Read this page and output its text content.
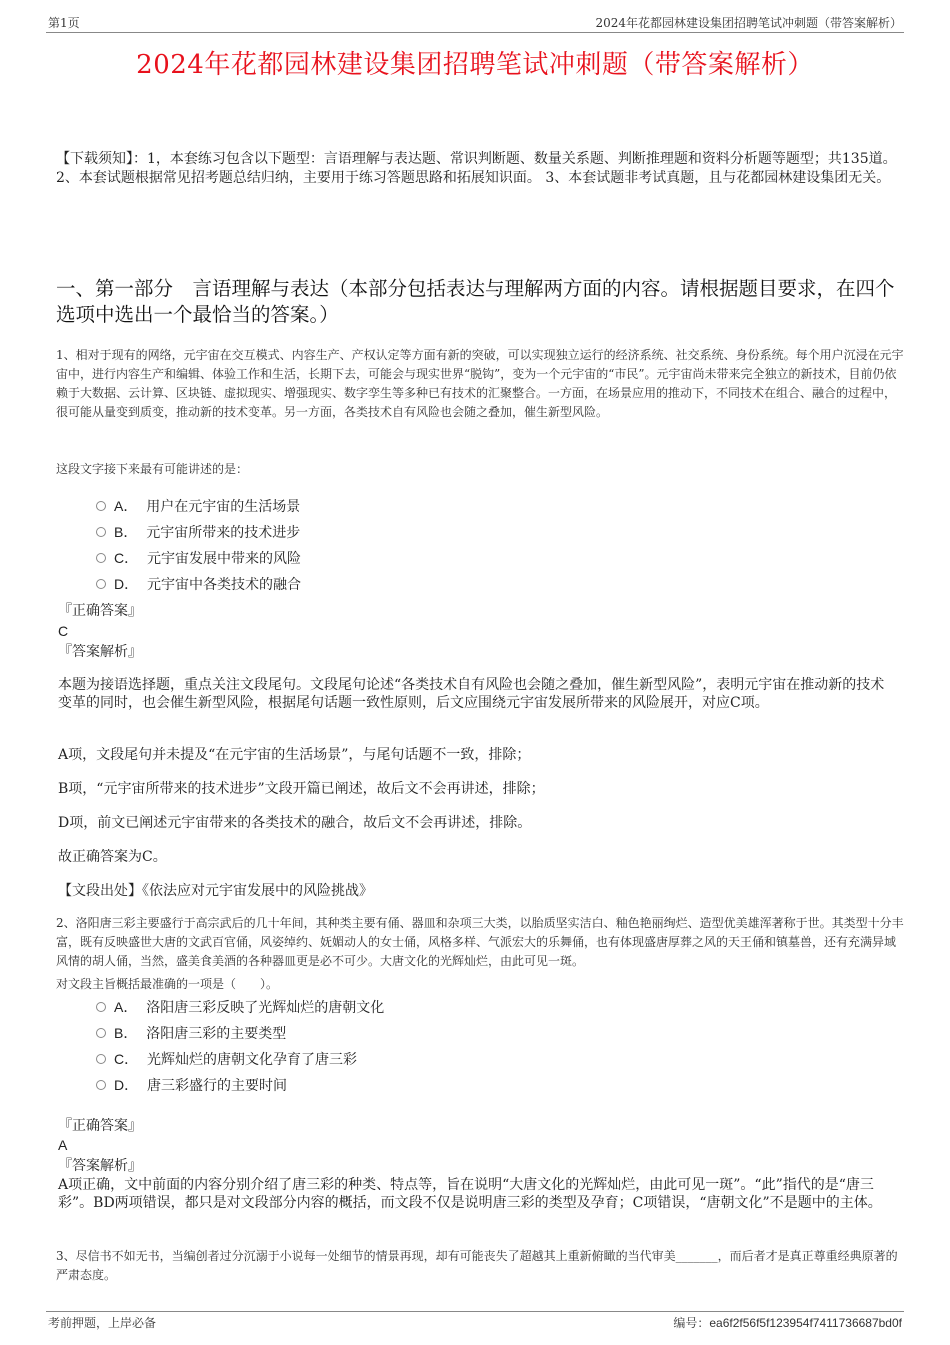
第1页	2024年花都园林建设集团招聘笔试冲刺题（带答案解析）
2024年花都园林建设集团招聘笔试冲刺题（带答案解析）
【下载须知】：1，本套练习包含以下题型：言语理解与表达题、常识判断题、数量关系题、判断推理题和资料分析题等题型；共135道。 2、本套试题根据常见招考题总结归纳，主要用于练习答题思路和拓展知识面。 3、本套试题非考试真题，且与花都园林建设集团无关。
一、第一部分　言语理解与表达（本部分包括表达与理解两方面的内容。请根据题目要求，在四个选项中选出一个最恰当的答案。）
1、相对于现有的网络，元宇宙在交互模式、内容生产、产权认定等方面有新的突破，可以实现独立运行的经济系统、社交系统、身份系统。每个用户沉浸在元宇宙中，进行内容生产和编辑、体验工作和生活，长期下去，可能会与现实世界“脱钩”，变为一个元宇宙的“市民”。元宇宙尚未带来完全独立的新技术，目前仍依赖于大数据、云计算、区块链、虚拟现实、增强现实、数字孪生等多种已有技术的汇聚整合。一方面，在场景应用的推动下，不同技术在组合、融合的过程中，很可能从量变到质变，推动新的技术变革。另一方面，各类技术自有风险也会随之叠加，催生新型风险。
这段文字接下来最有可能讲述的是：
A． 用户在元宇宙的生活场景
B． 元宇宙所带来的技术进步
C． 元宇宙发展中带来的风险
D． 元宇宙中各类技术的融合
『正确答案』
C
『答案解析』
本题为接语选择题，重点关注文段尾句。文段尾句论述“各类技术自有风险也会随之叠加，催生新型风险”，表明元宇宙在推动新的技术变革的同时，也会催生新型风险，根据尾句话题一致性原则，后文应围绕元宇宙发展所带来的风险展开，对应C项。
A项，文段尾句并未提及“在元宇宙的生活场景”，与尾句话题不一致，排除；
B项，“元宇宙所带来的技术进步”文段开篇已阐述，故后文不会再讲述，排除；
D项，前文已阐述元宇宙带来的各类技术的融合，故后文不会再讲述，排除。
故正确答案为C。
【文段出处】《依法应对元宇宙发展中的风险挑战》
2、洛阳唐三彩主要盛行于高宗武后的几十年间，其种类主要有俑、器皿和杂项三大类，以胎质坚实洁白、釉色艳丽绚烂、造型优美雄浑著称于世。其类型十分丰富，既有反映盛世大唐的文武百官俑，风姿绰约、妩媚动人的女士俑，风格多样、气派宏大的乐舞俑，也有体现盛唐厚葬之风的天王俑和镇墓兽，还有充满异域风情的胡人俑，当然，盛美食美酒的各种器皿更是必不可少。大唐文化的光辉灿烂，由此可见一斑。
对文段主旨概括最准确的一项是（　　）。
A． 洛阳唐三彩反映了光辉灿烂的唐朝文化
B． 洛阳唐三彩的主要类型
C． 光辉灿烂的唐朝文化孕育了唐三彩
D． 唐三彩盛行的主要时间
『正确答案』
A
『答案解析』
A项正确，文中前面的内容分别介绍了唐三彩的种类、特点等，旨在说明“大唐文化的光辉灿烂，由此可见一斑”。“此”指代的是“唐三彩”。BD两项错误，都只是对文段部分内容的概括，而文段不仅是说明唐三彩的类型及孕育；C项错误，“唐朝文化”不是题中的主体。
3、尽信书不如无书，当编创者过分沉溺于小说每一处细节的情景再现，却有可能丧失了超越其上重新俯瞰的当代审美_______，而后者才是真正尊重经典原著的严肃态度。
考前押题，上岸必备	编号：ea6f2f56f5f123954f7411736687bd0f
